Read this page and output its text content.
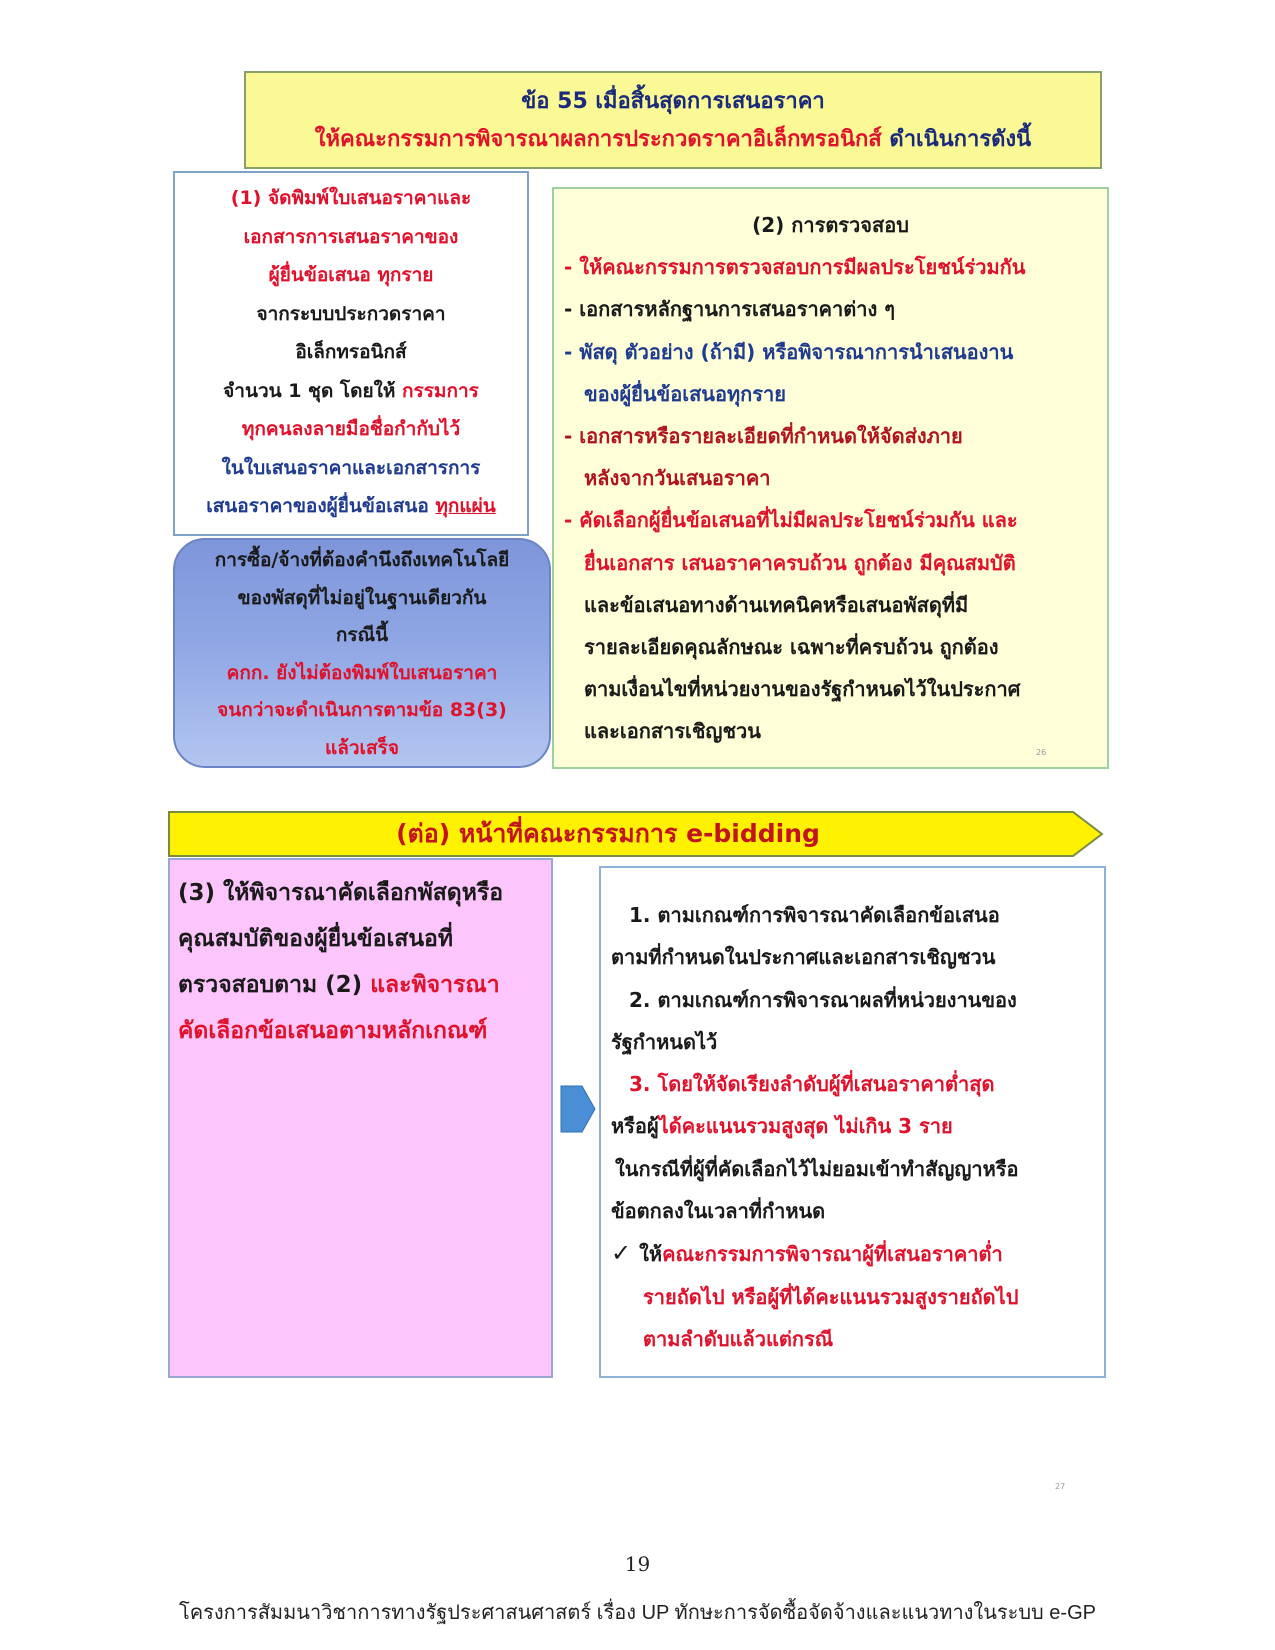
ข้อ 55 เมื่อสิ้นสุดการเสนอราคา
ให้คณะกรรมการพิจารณาผลการประกวดราคาอิเล็กทรอนิกส์ ดำเนินการดังนี้
(1) จัดพิมพ์ใบเสนอราคาและ
เอกสารการเสนอราคาของ
ผู้ยื่นข้อเสนอ ทุกราย
จากระบบประกวดราคา
อิเล็กทรอนิกส์
จำนวน 1 ชุด โดยให้ กรรมการ
ทุกคนลงลายมือชื่อกำกับไว้
ในใบเสนอราคาและเอกสารการ
เสนอราคาของผู้ยื่นข้อเสนอ ทุกแผ่น
การซื้อ/จ้างที่ต้องคำนึงถึงเทคโนโลยี
ของพัสดุที่ไม่อยู่ในฐานเดียวกัน
กรณีนี้
คกก. ยังไม่ต้องพิมพ์ใบเสนอราคา
จนกว่าจะดำเนินการตามข้อ 83(3)
แล้วเสร็จ
(2) การตรวจสอบ
- ให้คณะกรรมการตรวจสอบการมีผลประโยชน์ร่วมกัน
- เอกสารหลักฐานการเสนอราคาต่าง ๆ
- พัสดุ ตัวอย่าง (ถ้ามี) หรือพิจารณาการนำเสนองาน
ของผู้ยื่นข้อเสนอทุกราย
- เอกสารหรือรายละเอียดที่กำหนดให้จัดส่งภาย
หลังจากวันเสนอราคา
- คัดเลือกผู้ยื่นข้อเสนอที่ไม่มีผลประโยชน์ร่วมกัน และ
ยื่นเอกสาร เสนอราคาครบถ้วน ถูกต้อง มีคุณสมบัติ
และข้อเสนอทางด้านเทคนิคหรือเสนอพัสดุที่มี
รายละเอียดคุณลักษณะ เฉพาะที่ครบถ้วน ถูกต้อง
ตามเงื่อนไขที่หน่วยงานของรัฐกำหนดไว้ในประกาศ
และเอกสารเชิญชวน
26
(ต่อ) หน้าที่คณะกรรมการ e-bidding
(3) ให้พิจารณาคัดเลือกพัสดุหรือ
คุณสมบัติของผู้ยื่นข้อเสนอที่
ตรวจสอบตาม (2) และพิจารณา
คัดเลือกข้อเสนอตามหลักเกณฑ์
1. ตามเกณฑ์การพิจารณาคัดเลือกข้อเสนอ
ตามที่กำหนดในประกาศและเอกสารเชิญชวน
2. ตามเกณฑ์การพิจารณาผลที่หน่วยงานของ
รัฐกำหนดไว้
3. โดยให้จัดเรียงลำดับผู้ที่เสนอราคาต่ำสุด
หรือผู้ได้คะแนนรวมสูงสุด ไม่เกิน 3 ราย
ในกรณีที่ผู้ที่คัดเลือกไว้ไม่ยอมเข้าทำสัญญาหรือ
ข้อตกลงในเวลาที่กำหนด
✓ ให้คณะกรรมการพิจารณาผู้ที่เสนอราคาต่ำ
รายถัดไป หรือผู้ที่ได้คะแนนรวมสูงรายถัดไป
ตามลำดับแล้วแต่กรณี
27
19
โครงการสัมมนาวิชาการทางรัฐประศาสนศาสตร์ เรื่อง UP ทักษะการจัดซื้อจัดจ้างและแนวทางในระบบ e-GP
